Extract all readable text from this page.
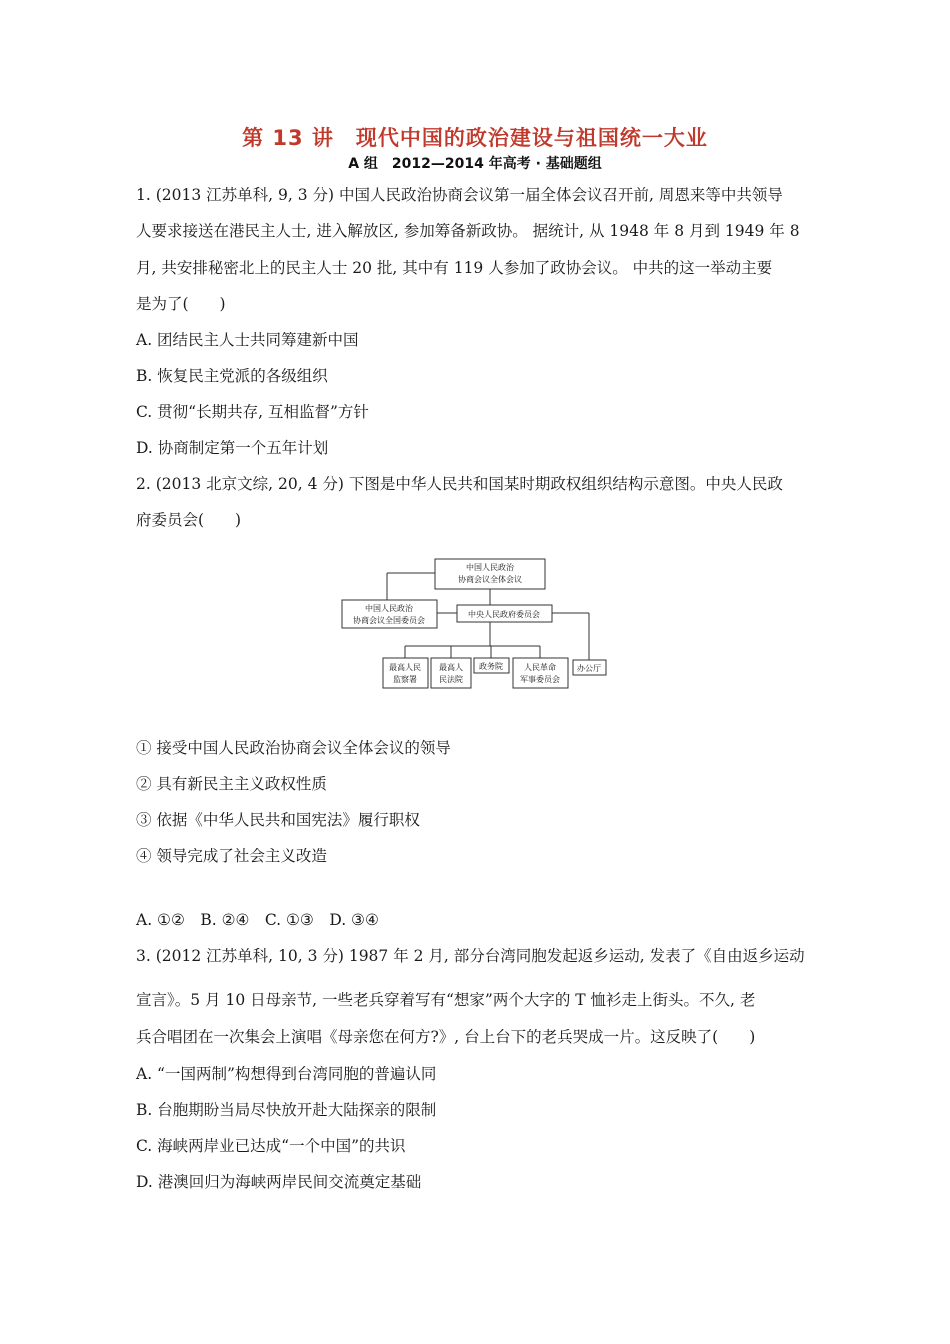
第 13 讲　现代中国的政治建设与祖国统一大业
A 组　2012—2014 年高考 · 基础题组
1. (2013 江苏单科, 9, 3 分) 中国人民政治协商会议第一届全体会议召开前, 周恩来等中共领导
人要求接送在港民主人士, 进入解放区, 参加筹备新政协。 据统计, 从 1948 年 8 月到 1949 年 8
月, 共安排秘密北上的民主人士 20 批, 其中有 119 人参加了政协会议。 中共的这一举动主要
是为了(　　)
A. 团结民主人士共同筹建新中国
B. 恢复民主党派的各级组织
C. 贯彻“长期共存, 互相监督”方针
D. 协商制定第一个五年计划
2. (2013 北京文综, 20, 4 分) 下图是中华人民共和国某时期政权组织结构示意图。中央人民政
府委员会(　　)
中国人民政治
协商会议全体会议
中国人民政治
协商会议全国委员会
中央人民政府委员会
最高人民
监察署
最高人
民法院
政务院	人民革命
军事委员会
办公厅
① 接受中国人民政治协商会议全体会议的领导
② 具有新民主主义政权性质
③ 依据《中华人民共和国宪法》履行职权
④ 领导完成了社会主义改造
A. ①②　B. ②④　C. ①③　D. ③④
3. (2012 江苏单科, 10, 3 分) 1987 年 2 月, 部分台湾同胞发起返乡运动, 发表了《自由返乡运动
宣言》。5 月 10 日母亲节, 一些老兵穿着写有“想家”两个大字的 T 恤衫走上街头。不久, 老
兵合唱团在一次集会上演唱《母亲您在何方?》, 台上台下的老兵哭成一片。这反映了(　　)
A. “一国两制”构想得到台湾同胞的普遍认同
B. 台胞期盼当局尽快放开赴大陆探亲的限制
C. 海峡两岸业已达成“一个中国”的共识
D. 港澳回归为海峡两岸民间交流奠定基础
